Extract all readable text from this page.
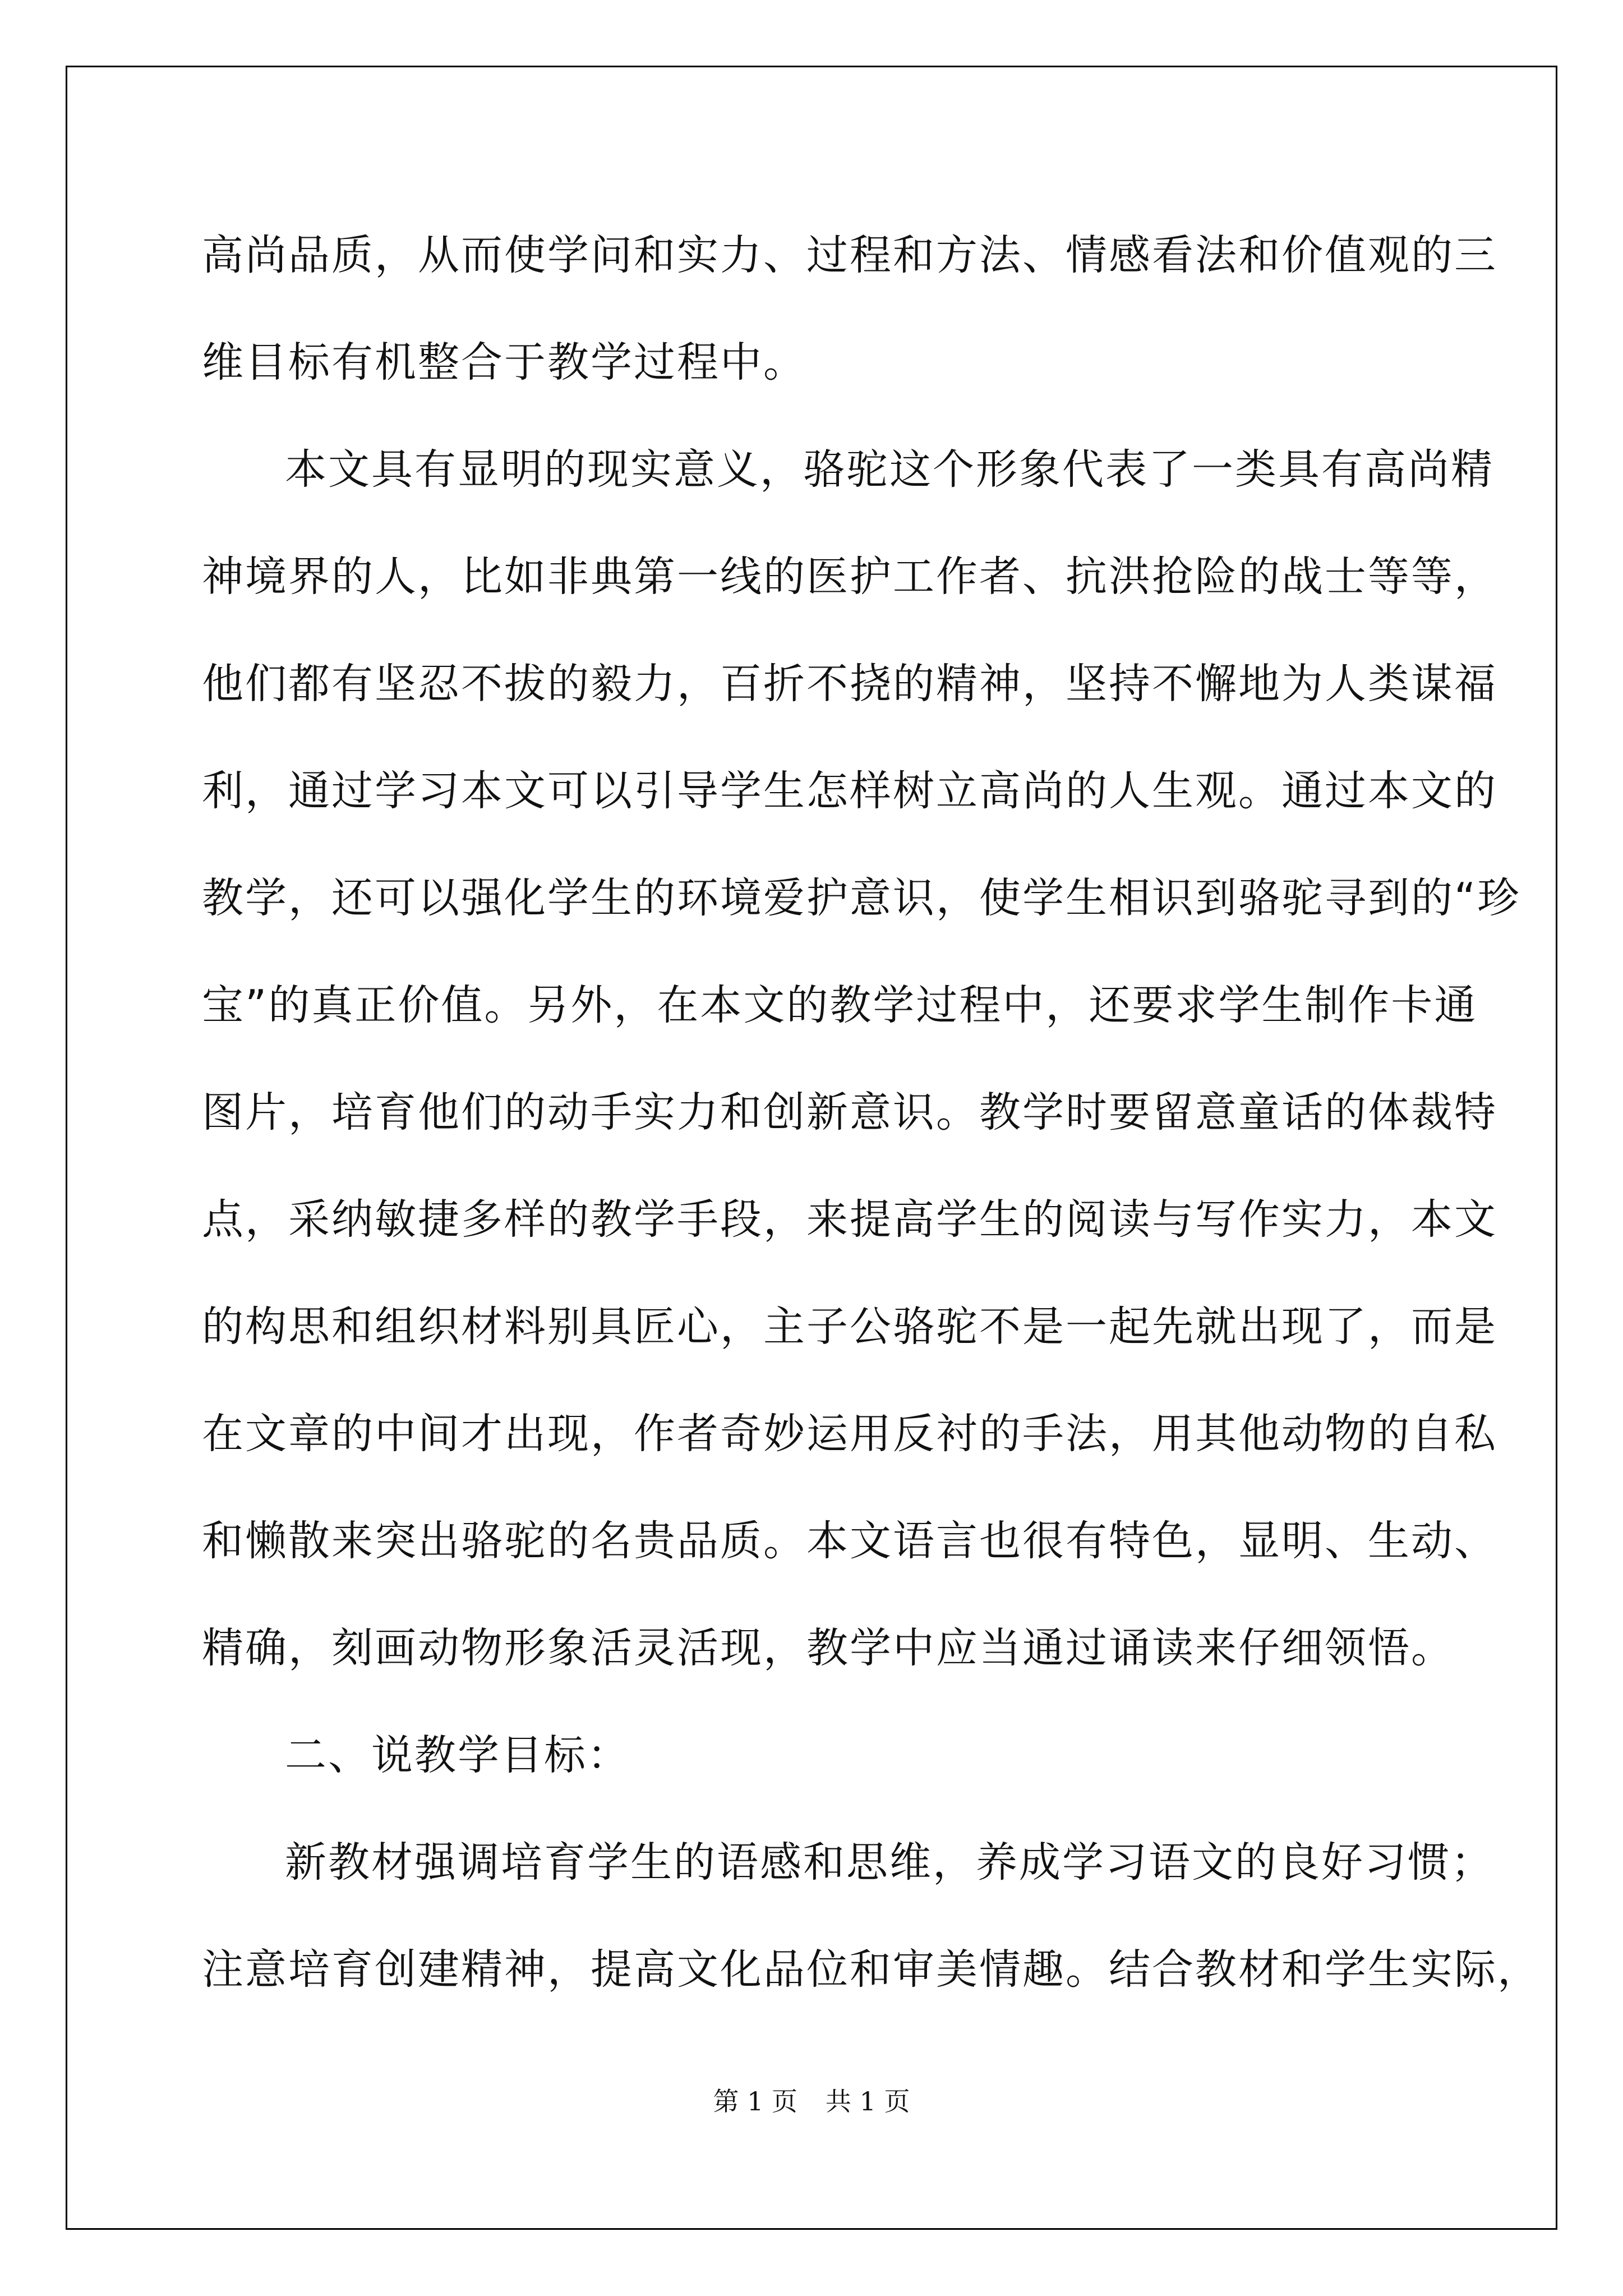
高尚品质，从而使学问和实力、过程和方法、情感看法和价值观的三
维目标有机整合于教学过程中。
本文具有显明的现实意义，骆驼这个形象代表了一类具有高尚精
神境界的人，比如非典第一线的医护工作者、抗洪抢险的战士等等，
他们都有坚忍不拔的毅力，百折不挠的精神，坚持不懈地为人类谋福
利，通过学习本文可以引导学生怎样树立高尚的人生观。通过本文的
教学，还可以强化学生的环境爱护意识，使学生相识到骆驼寻到的“珍
宝”的真正价值。另外，在本文的教学过程中，还要求学生制作卡通
图片，培育他们的动手实力和创新意识。教学时要留意童话的体裁特
点，采纳敏捷多样的教学手段，来提高学生的阅读与写作实力，本文
的构思和组织材料别具匠心，主子公骆驼不是一起先就出现了，而是
在文章的中间才出现，作者奇妙运用反衬的手法，用其他动物的自私
和懒散来突出骆驼的名贵品质。本文语言也很有特色，显明、生动、
精确，刻画动物形象活灵活现，教学中应当通过诵读来仔细领悟。
二、说教学目标：
新教材强调培育学生的语感和思维，养成学习语文的良好习惯；
注意培育创建精神，提高文化品位和审美情趣。结合教材和学生实际，
第 1 页 共 1 页
